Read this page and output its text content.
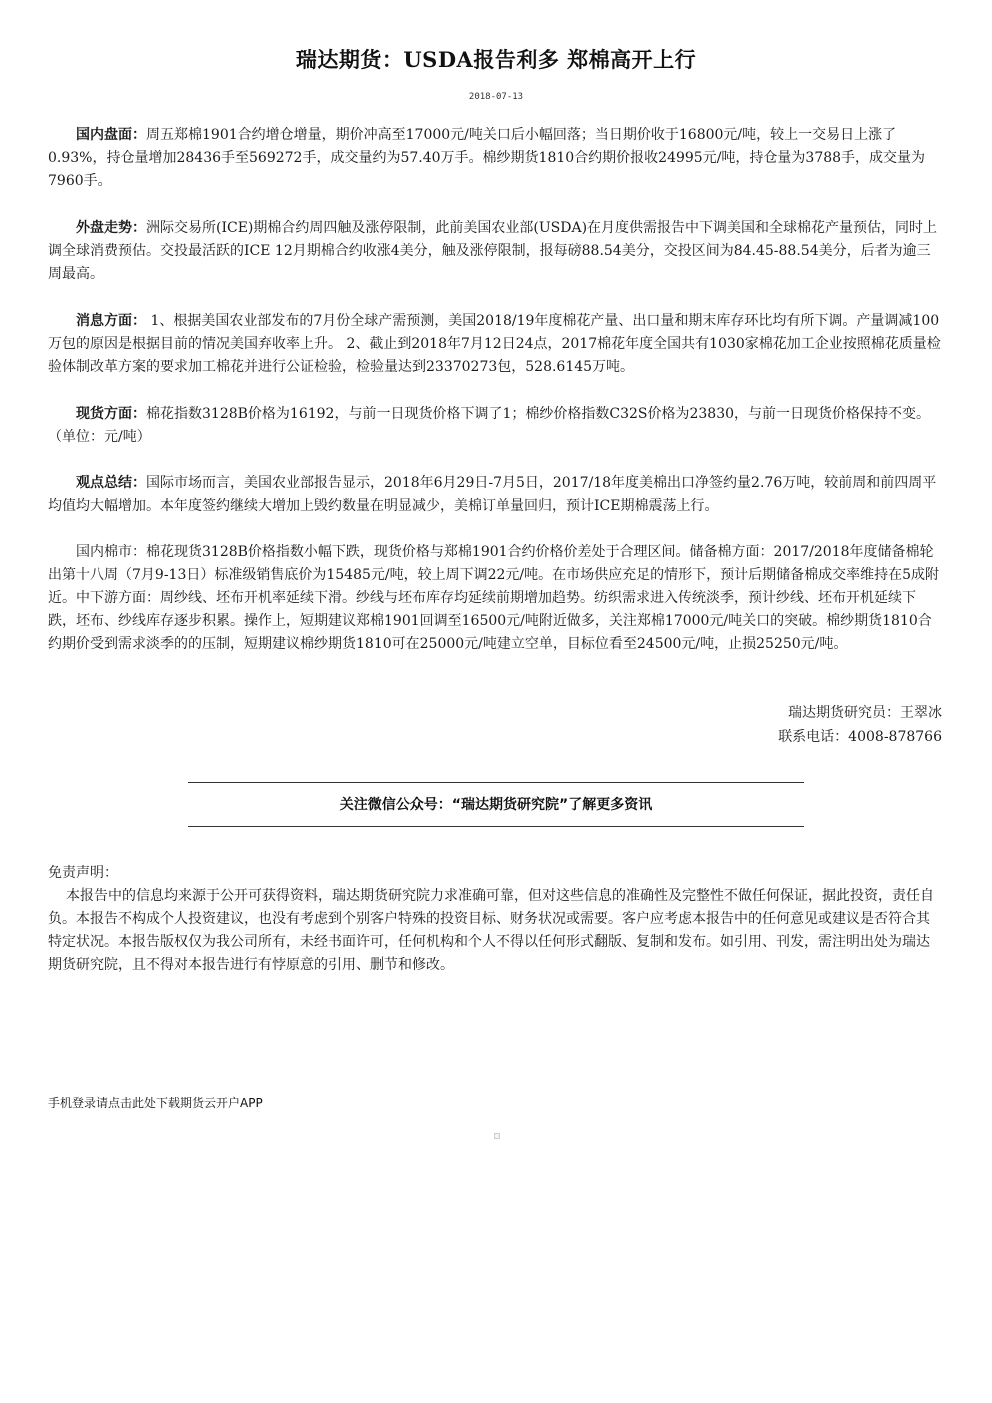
瑞达期货：USDA报告利多 郑棉高开上行
2018-07-13

国内盘面：周五郑棉1901合约增仓增量，期价冲高至17000元/吨关口后小幅回落；当日期价收于16800元/吨，较上一交易日上涨了0.93%，持仓量增加28436手至569272手，成交量约为57.40万手。棉纱期货1810合约期价报收24995元/吨，持仓量为3788手，成交量为7960手。

外盘走势：洲际交易所(ICE)期棉合约周四触及涨停限制，此前美国农业部(USDA)在月度供需报告中下调美国和全球棉花产量预估，同时上调全球消费预估。交投最活跃的ICE 12月期棉合约收涨4美分，触及涨停限制，报每磅88.54美分，交投区间为84.45-88.54美分，后者为逾三周最高。

消息方面： 1、根据美国农业部发布的7月份全球产需预测，美国2018/19年度棉花产量、出口量和期末库存环比均有所下调。产量调减100万包的原因是根据目前的情况美国弃收率上升。 2、截止到2018年7月12日24点，2017棉花年度全国共有1030家棉花加工企业按照棉花质量检验体制改革方案的要求加工棉花并进行公证检验，检验量达到23370273包，528.6145万吨。

现货方面：棉花指数3128B价格为16192，与前一日现货价格下调了1；棉纱价格指数C32S价格为23830，与前一日现货价格保持不变。（单位：元/吨）

观点总结：国际市场而言，美国农业部报告显示，2018年6月29日-7月5日，2017/18年度美棉出口净签约量2.76万吨，较前周和前四周平均值均大幅增加。本年度签约继续大增加上毁约数量在明显减少，美棉订单量回归，预计ICE期棉震荡上行。

国内棉市：棉花现货3128B价格指数小幅下跌，现货价格与郑棉1901合约价格价差处于合理区间。储备棉方面：2017/2018年度储备棉轮出第十八周（7月9-13日）标准级销售底价为15485元/吨，较上周下调22元/吨。在市场供应充足的情形下，预计后期储备棉成交率维持在5成附近。中下游方面：周纱线、坯布开机率延续下滑。纱线与坯布库存均延续前期增加趋势。纺织需求进入传统淡季，预计纱线、坯布开机延续下跌，坯布、纱线库存逐步积累。操作上，短期建议郑棉1901回调至16500元/吨附近做多，关注郑棉17000元/吨关口的突破。棉纱期货1810合约期价受到需求淡季的的压制，短期建议棉纱期货1810可在25000元/吨建立空单，目标位看至24500元/吨，止损25250元/吨。

瑞达期货研究员：王翠冰
联系电话：4008-878766
关注微信公众号：“瑞达期货研究院”了解更多资讯
免责声明：

本报告中的信息均来源于公开可获得资料，瑞达期货研究院力求准确可靠，但对这些信息的准确性及完整性不做任何保证，据此投资，责任自负。本报告不构成个人投资建议，也没有考虑到个别客户特殊的投资目标、财务状况或需要。客户应考虑本报告中的任何意见或建议是否符合其特定状况。本报告版权仅为我公司所有，未经书面许可，任何机构和个人不得以任何形式翻版、复制和发布。如引用、刊发，需注明出处为瑞达期货研究院，且不得对本报告进行有悖原意的引用、删节和修改。

手机登录请点击此处下载期货云开户APP
